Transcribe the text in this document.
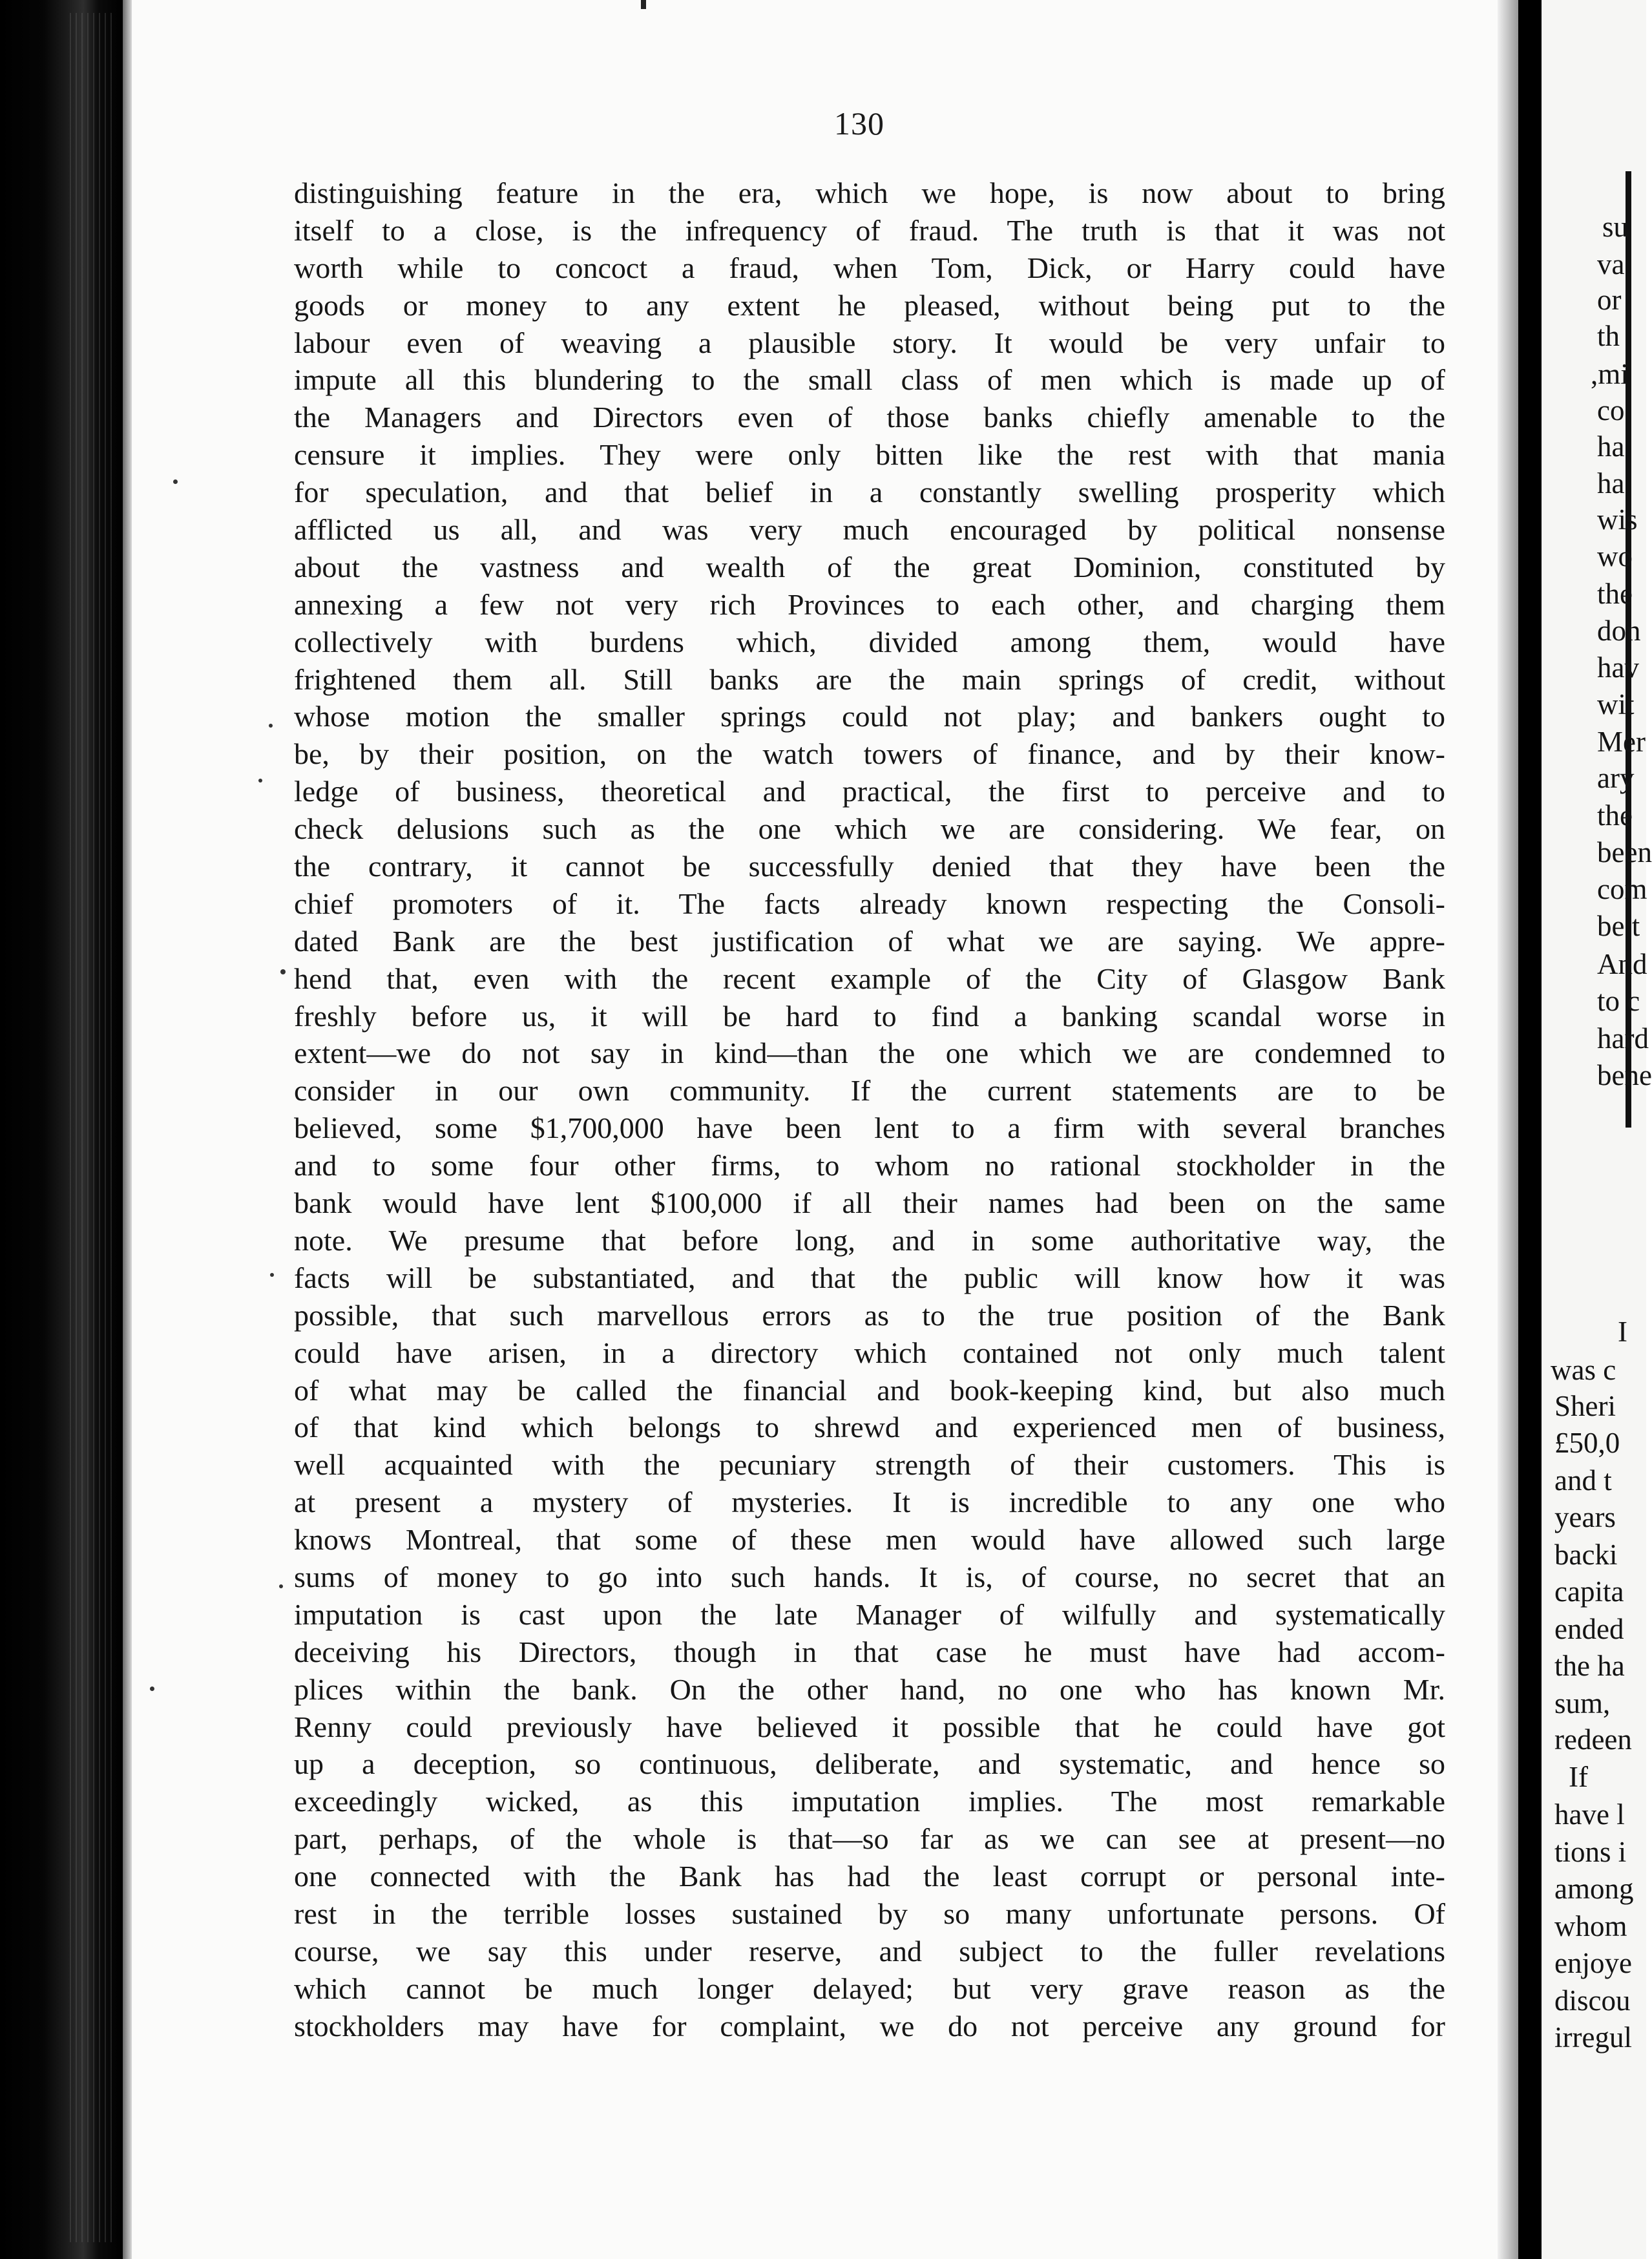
130
distinguishing feature in the era, which we hope, is now about to bring
itself to a close, is the infrequency of fraud. The truth is that it was not
worth while to concoct a fraud, when Tom, Dick, or Harry could have
goods or money to any extent he pleased, without being put to the
labour even of weaving a plausible story. It would be very unfair to
impute all this blundering to the small class of men which is made up of
the Managers and Directors even of those banks chiefly amenable to the
censure it implies. They were only bitten like the rest with that mania
for speculation, and that belief in a constantly swelling prosperity which
afflicted us all, and was very much encouraged by political nonsense
about the vastness and wealth of the great Dominion, constituted by
annexing a few not very rich Provinces to each other, and charging them
collectively with burdens which, divided among them, would have
frightened them all. Still banks are the main springs of credit, without
whose motion the smaller springs could not play; and bankers ought to
be, by their position, on the watch towers of finance, and by their know-
ledge of business, theoretical and practical, the first to perceive and to
check delusions such as the one which we are considering. We fear, on
the contrary, it cannot be successfully denied that they have been the
chief promoters of it. The facts already known respecting the Consoli-
dated Bank are the best justification of what we are saying. We appre-
hend that, even with the recent example of the City of Glasgow Bank
freshly before us, it will be hard to find a banking scandal worse in
extent—we do not say in kind—than the one which we are condemned to
consider in our own community. If the current statements are to be
believed, some $1,700,000 have been lent to a firm with several branches
and to some four other firms, to whom no rational stockholder in the
bank would have lent $100,000 if all their names had been on the same
note. We presume that before long, and in some authoritative way, the
facts will be substantiated, and that the public will know how it was
possible, that such marvellous errors as to the true position of the Bank
could have arisen, in a directory which contained not only much talent
of what may be called the financial and book-keeping kind, but also much
of that kind which belongs to shrewd and experienced men of business,
well acquainted with the pecuniary strength of their customers. This is
at present a mystery of mysteries. It is incredible to any one who
knows Montreal, that some of these men would have allowed such large
sums of money to go into such hands. It is, of course, no secret that an
imputation is cast upon the late Manager of wilfully and systematically
deceiving his Directors, though in that case he must have had accom-
plices within the bank. On the other hand, no one who has known Mr.
Renny could previously have believed it possible that he could have got
up a deception, so continuous, deliberate, and systematic, and hence so
exceedingly wicked, as this imputation implies. The most remarkable
part, perhaps, of the whole is that—so far as we can see at present—no
one connected with the Bank has had the least corrupt or personal inte-
rest in the terrible losses sustained by so many unfortunate persons. Of
course, we say this under reserve, and subject to the fuller revelations
which cannot be much longer delayed; but very grave reason as the
stockholders may have for complaint, we do not perceive any ground for
su
va
or
th
,mi
co
ha
ha
wis
wo
the
don
hav
wit
Mer
ary
the
been
com
be t
And
to c
hard
bene
I
was c
Sheri
£50,0
and t
years
backi
capita
ended
the ha
sum,
redeen
If
have l
tions i
among
whom
enjoye
discou
irregul
